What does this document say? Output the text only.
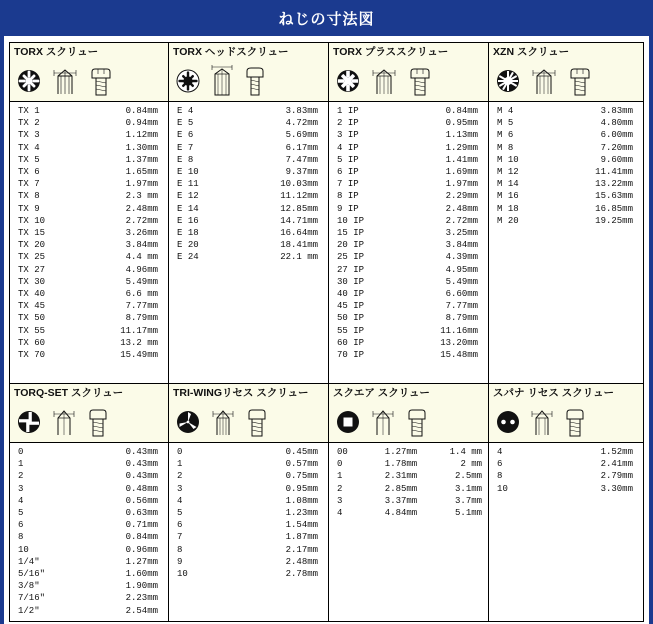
ねじの寸法図
TORX スクリュー
TX 1	0.84mm
TX 2	0.94mm
TX 3	1.12mm
TX 4	1.30mm
TX 5	1.37mm
TX 6	1.65mm
TX 7	1.97mm
TX 8	2.3 mm
TX 9	2.48mm
TX 10	2.72mm
TX 15	3.26mm
TX 20	3.84mm
TX 25	4.4 mm
TX 27	4.96mm
TX 30	5.49mm
TX 40	6.6 mm
TX 45	7.77mm
TX 50	8.79mm
TX 55	11.17mm
TX 60	13.2 mm
TX 70	15.49mm
TORX ヘッドスクリュー
E 4	3.83mm
E 5	4.72mm
E 6	5.69mm
E 7	6.17mm
E 8	7.47mm
E 10	9.37mm
E 11	10.03mm
E 12	11.12mm
E 14	12.85mm
E 16	14.71mm
E 18	16.64mm
E 20	18.41mm
E 24	22.1 mm
TORX プラススクリュー
1 IP	0.84mm
2 IP	0.95mm
3 IP	1.13mm
4 IP	1.29mm
5 IP	1.41mm
6 IP	1.69mm
7 IP	1.97mm
8 IP	2.29mm
9 IP	2.48mm
10 IP	2.72mm
15 IP	3.25mm
20 IP	3.84mm
25 IP	4.39mm
27 IP	4.95mm
30 IP	5.49mm
40 IP	6.60mm
45 IP	7.77mm
50 IP	8.79mm
55 IP	11.16mm
60 IP	13.20mm
70 IP	15.48mm
XZN スクリュー
M 4	3.83mm
M 5	4.80mm
M 6	6.00mm
M 8	7.20mm
M 10	9.60mm
M 12	11.41mm
M 14	13.22mm
M 16	15.63mm
M 18	16.85mm
M 20	19.25mm
TORQ-SET スクリュー
0	0.43mm
1	0.43mm
2	0.43mm
3	0.48mm
4	0.56mm
5	0.63mm
6	0.71mm
8	0.84mm
10	0.96mm
1/4"	1.27mm
5/16"	1.60mm
3/8"	1.90mm
7/16"	2.23mm
1/2"	2.54mm
TRI-WINGリセス スクリュー
0	0.45mm
1	0.57mm
2	0.75mm
3	0.95mm
4	1.08mm
5	1.23mm
6	1.54mm
7	1.87mm
8	2.17mm
9	2.48mm
10	2.78mm
スクエア スクリュー
00	1.27mm	1.4 mm
0	1.78mm	2 mm
1	2.31mm	2.5mm
2	2.85mm	3.1mm
3	3.37mm	3.7mm
4	4.84mm	5.1mm
スパナ リセス スクリュー
4	1.52mm
6	2.41mm
8	2.79mm
10	3.30mm
